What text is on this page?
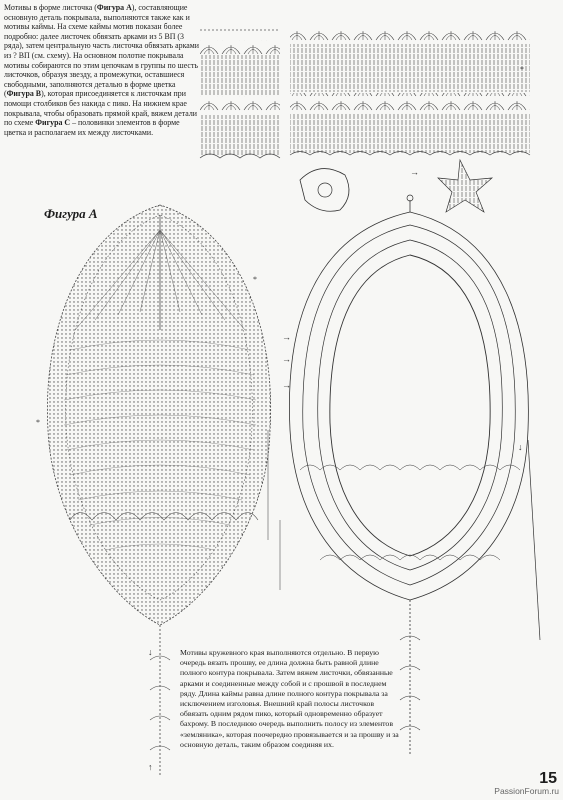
Мотивы в форме листочка (Фигура А), составляющие основную деталь покрывала, выполняются также как и мотивы каймы. На схеме каймы мотив показан более подробно: далее листочек обвязать арками из 5 ВП (3 ряда), затем центральную часть листочка обвязать арками из ? ВП (см. схему). На основном полотне покрывала мотивы собираются по этим цепочкам в группы по шесть листочков, образуя звезду, а промежутки, оставшиеся свободными, заполняются деталью в форме цветка (Фигура В), которая присоединяется к листочкам при помощи столбиков без накида с пико. На нижнем крае покрывала, чтобы образовать прямой край, вяжем детали по схеме Фигура С – половинки элементов в форме цветка и располагаем их между листочками.
Фигура А
*
→
↓
↑
*
*
→
→
→
↓
Мотивы кружевного края выполняются отдельно. В первую очередь вязать прошву, ее длина должна быть равной длине полного контура покрывала. Затем вяжем листочки, обвязанные арками и соединенные между собой и с прошвой в последнем ряду. Длина каймы равна длине полного контура покрывала за исключением изголовья. Внешний край полосы листочков обвязать одним рядом пико, который одновременно образует бахрому. В последнюю очередь выполнить полосу из элементов «земляника», которая поочередно провязывается и за прошву и за основную деталь, таким образом соединяя их.
15
PassionForum.ru
